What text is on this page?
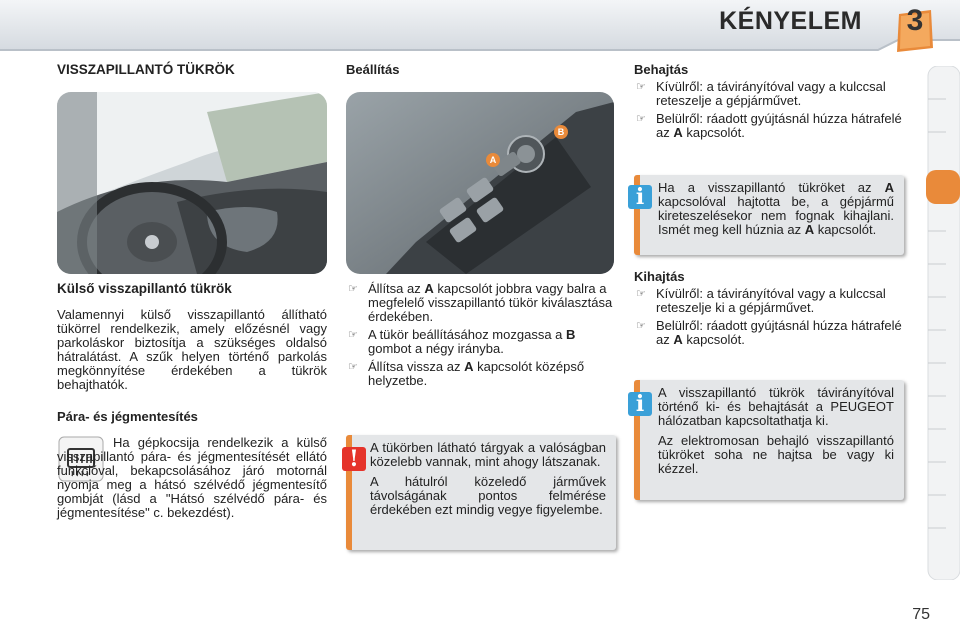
KÉNYELEM	3
VISSZAPILLANTÓ TÜKRÖK
Külső visszapillantó tükrök

Valamennyi külső visszapillantó állítható tükörrel rendelkezik, amely előzésnél vagy parkoláskor biztosítja a szükséges oldalsó hátralátást. A szűk helyen történő parkolás megkönnyítése érdekében a tükrök behajthatók.

Pára- és jégmentesítés

Ha gépkocsija rendelkezik a külső visszapillantó pára- és jégmentesítését ellátó funkcióval, bekapcsolásához járó motornál nyomja meg a hátsó szélvédő jégmentesítő gombját (lásd a "Hátsó szélvédő pára- és jégmentesítése" c. bekezdést).

Beállítás
A
B
☞ Állítsa az A kapcsolót jobbra vagy balra a megfelelő visszapillantó tükör kiválasztása érdekében.
☞ A tükör beállításához mozgassa a B gombot a négy irányba.
☞ Állítsa vissza az A kapcsolót középső helyzetbe.
! A tükörben látható tárgyak a valóságban közelebb vannak, mint ahogy látszanak.

A hátulról közeledő járművek távolságának pontos felmérése érdekében ezt mindig vegye figyelembe.

Behajtás
☞ Kívülről: a távirányítóval vagy a kulccsal reteszelje a gépjárművet.
☞ Belülről: ráadott gyújtásnál húzza hátrafelé az A kapcsolót.
i	Ha a visszapillantó tükröket az A kapcsolóval hajtotta be, a gépjármű kireteszelésekor nem fognak kihajlani. Ismét meg kell húznia az A kapcsolót.

Kihajtás
☞ Kívülről: a távirányítóval vagy a kulccsal reteszelje ki a gépjárművet.
☞ Belülről: ráadott gyújtásnál húzza hátrafelé az A kapcsolót.
i	A visszapillantó tükrök távirányítóval történő ki- és behajtását a PEUGEOT hálózatban kapcsoltathatja ki.

Az elektromosan behajló visszapillantó tükröket soha ne hajtsa be vagy ki kézzel.

75
